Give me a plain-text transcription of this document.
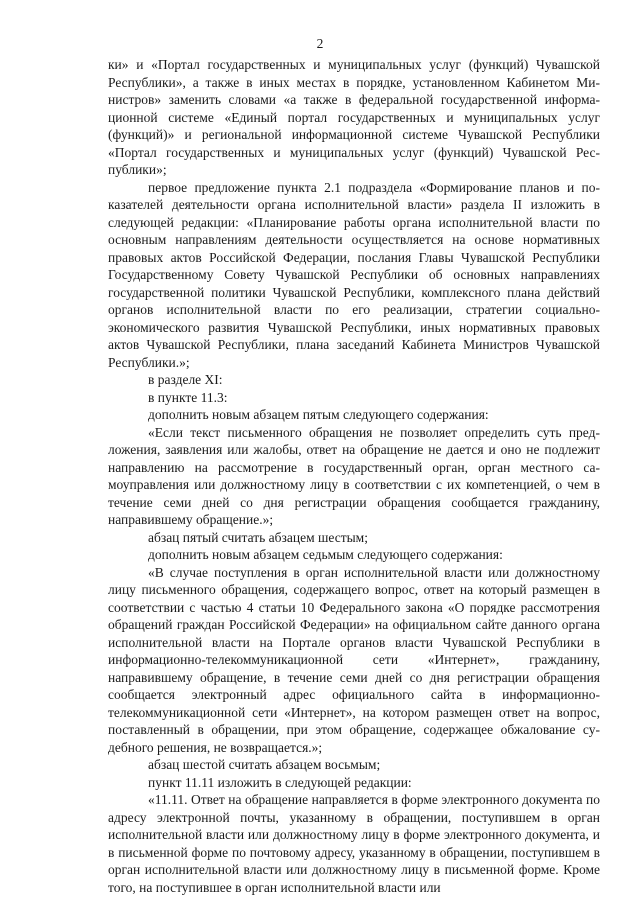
2

ки» и «Портал государственных и муниципальных услуг (функций) Чувашской Республики», а также в иных местах в порядке, установленном Кабинетом Министров» заменить словами «а также в федеральной государственной информационной системе «Единый портал государственных и муниципальных услуг (функций)» и региональной информационной системе Чувашской Республики «Портал государственных и муниципальных услуг (функций) Чувашской Республики»;

первое предложение пункта 2.1 подраздела «Формирование планов и показателей деятельности органа исполнительной власти» раздела II изложить в следующей редакции: «Планирование работы органа исполнительной власти по основным направлениям деятельности осуществляется на основе нормативных правовых актов Российской Федерации, послания Главы Чувашской Республики Государственному Совету Чувашской Республики об основных направлениях государственной политики Чувашской Республики, комплексного плана действий органов исполнительной власти по его реализации, стратегии социально-экономического развития Чувашской Республики, иных нормативных правовых актов Чувашской Республики, плана заседаний Кабинета Министров Чувашской Республики.»;

в разделе XI:

в пункте 11.3:

дополнить новым абзацем пятым следующего содержания:

«Если текст письменного обращения не позволяет определить суть предложения, заявления или жалобы, ответ на обращение не дается и оно не подлежит направлению на рассмотрение в государственный орган, орган местного самоуправления или должностному лицу в соответствии с их компетенцией, о чем в течение семи дней со дня регистрации обращения сообщается гражданину, направившему обращение.»;

абзац пятый считать абзацем шестым;

дополнить новым абзацем седьмым следующего содержания:

«В случае поступления в орган исполнительной власти или должностному лицу письменного обращения, содержащего вопрос, ответ на который размещен в соответствии с частью 4 статьи 10 Федерального закона «О порядке рассмотрения обращений граждан Российской Федерации» на официальном сайте данного органа исполнительной власти на Портале органов власти Чувашской Республики в информационно-телекоммуникационной сети «Интернет», гражданину, направившему обращение, в течение семи дней со дня регистрации обращения сообщается электронный адрес официального сайта в информационно-телекоммуникационной сети «Интернет», на котором размещен ответ на вопрос, поставленный в обращении, при этом обращение, содержащее обжалование судебного решения, не возвращается.»;

абзац шестой считать абзацем восьмым;

пункт 11.11 изложить в следующей редакции:

«11.11. Ответ на обращение направляется в форме электронного документа по адресу электронной почты, указанному в обращении, поступившем в орган исполнительной власти или должностному лицу в форме электронного документа, и в письменной форме по почтовому адресу, указанному в обращении, поступившем в орган исполнительной власти или должностному лицу в письменной форме. Кроме того, на поступившее в орган исполнительной власти или
